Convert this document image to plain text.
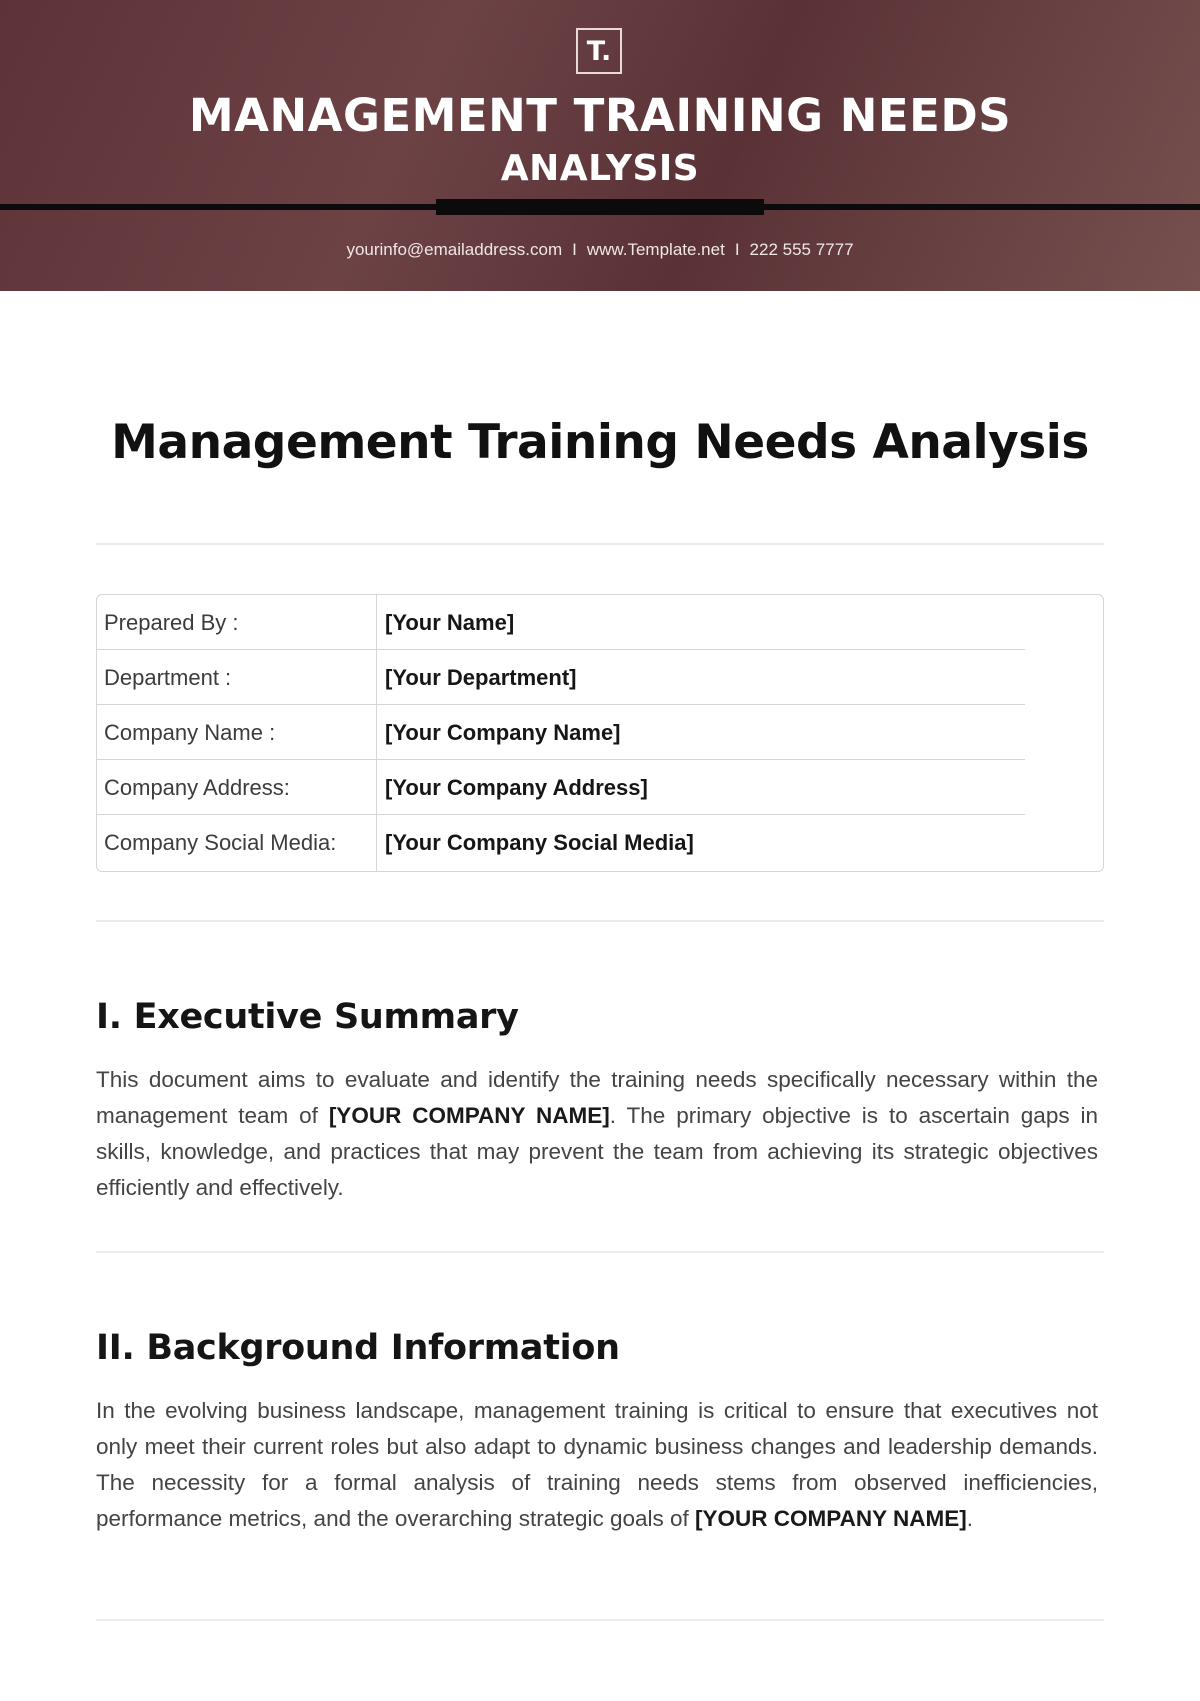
T.
MANAGEMENT TRAINING NEEDS
ANALYSIS
yourinfo@emailaddress.com I www.Template.net I 222 555 7777
Management Training Needs Analysis
Prepared By :	[Your Name]
Department :	[Your Department]
Company Name :	[Your Company Name]
Company Address:	[Your Company Address]
Company Social Media: [Your Company Social Media]
I. Executive Summary

This document aims to evaluate and identify the training needs specifically necessary within the management team of [YOUR COMPANY NAME]. The primary objective is to ascertain gaps in skills, knowledge, and practices that may prevent the team from achieving its strategic objectives efficiently and effectively.

II. Background Information

In the evolving business landscape, management training is critical to ensure that executives not only meet their current roles but also adapt to dynamic business changes and leadership demands. The necessity for a formal analysis of training needs stems from observed inefficiencies, performance metrics, and the overarching strategic goals of [YOUR COMPANY NAME].
